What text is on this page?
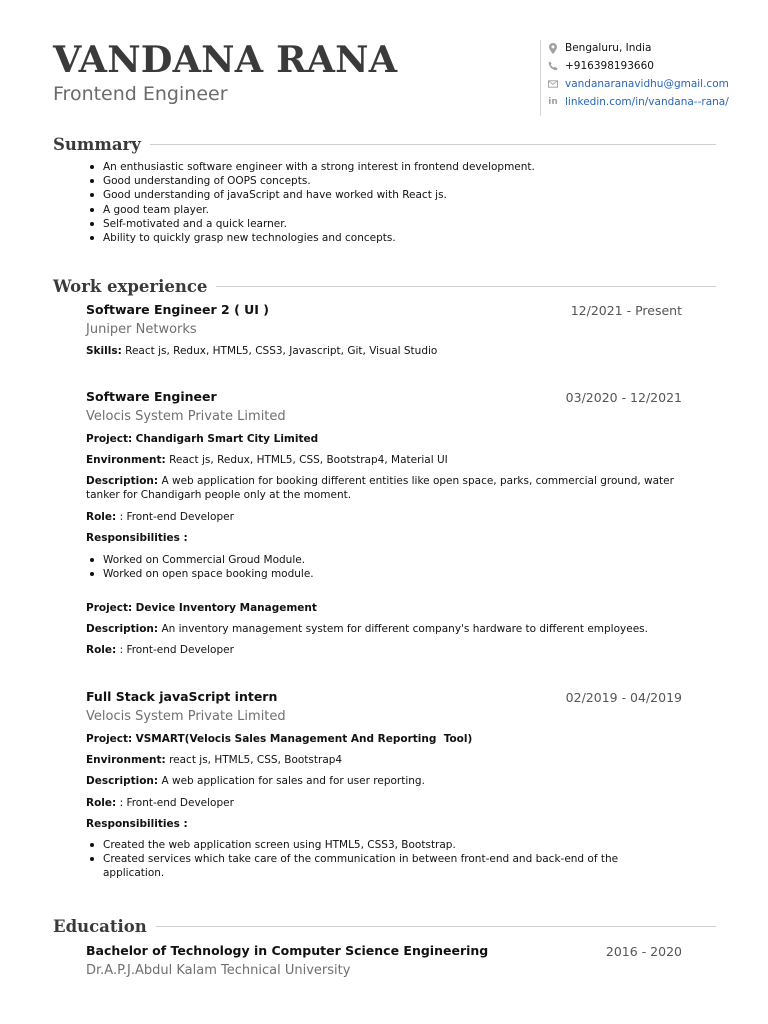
VANDANA RANA
Frontend Engineer
Bengaluru, India
+916398193660
vandanaranavidhu@gmail.com
in linkedin.com/in/vandana--rana/
Summary
An enthusiastic software engineer with a strong interest in frontend development.
Good understanding of OOPS concepts.
Good understanding of javaScript and have worked with React js.
A good team player.
Self-motivated and a quick learner.
Ability to quickly grasp new technologies and concepts.
Work experience
Software Engineer 2 ( UI )	12/2021 - Present
Juniper Networks
Skills: React js, Redux, HTML5, CSS3, Javascript, Git, Visual Studio
Software Engineer	03/2020 - 12/2021
Velocis System Private Limited
Project: Chandigarh Smart City Limited
Environment: React js, Redux, HTML5, CSS, Bootstrap4, Material UI
Description: A web application for booking different entities like open space, parks, commercial ground, water tanker for Chandigarh people only at the moment.
Role: : Front-end Developer
Responsibilities :
Worked on Commercial Groud Module.
Worked on open space booking module.
Project: Device Inventory Management
Description: An inventory management system for different company's hardware to different employees.
Role: : Front-end Developer
Full Stack javaScript intern	02/2019 - 04/2019
Velocis System Private Limited
Project: VSMART(Velocis Sales Management And Reporting  Tool)
Environment: react js, HTML5, CSS, Bootstrap4
Description: A web application for sales and for user reporting.
Role: : Front-end Developer
Responsibilities :
Created the web application screen using HTML5, CSS3, Bootstrap.
Created services which take care of the communication in between front-end and back-end of the application.
Education
Bachelor of Technology in Computer Science Engineering	2016 - 2020
Dr.A.P.J.Abdul Kalam Technical University
